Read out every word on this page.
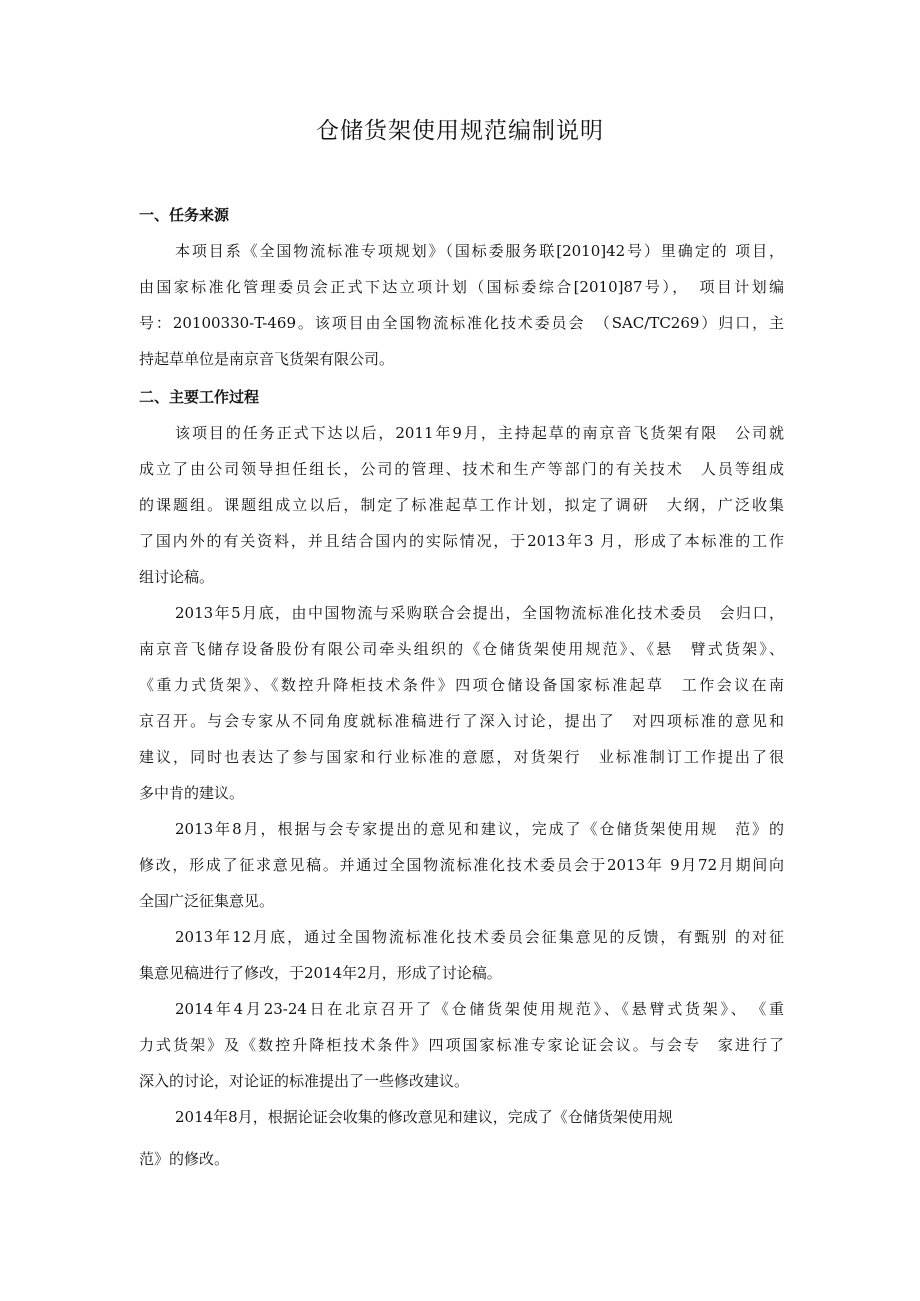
仓储货架使用规范编制说明
一、任务来源
本项目系《全国物流标准专项规划》（国标委服务联[2010]42号）里确定的 项目，
由国家标准化管理委员会正式下达立项计划（国标委综合[2010]87号），　项目计划编
号：20100330-T-469。该项目由全国物流标准化技术委员会　（SAC/TC269）归口，主
持起草单位是南京音飞货架有限公司。
二、主要工作过程
该项目的任务正式下达以后，2011年9月，主持起草的南京音飞货架有限　公司就
成立了由公司领导担任组长，公司的管理、技术和生产等部门的有关技术　人员等组成
的课题组。课题组成立以后，制定了标准起草工作计划，拟定了调研　大纲，广泛收集
了国内外的有关资料，并且结合国内的实际情况，于2013年3 月，形成了本标准的工作
组讨论稿。
2013年5月底，由中国物流与采购联合会提出，全国物流标准化技术委员　会归口，
南京音飞储存设备股份有限公司牵头组织的《仓储货架使用规范》、《悬　臂式货架》、
《重力式货架》、《数控升降柜技术条件》四项仓储设备国家标准起草　工作会议在南
京召开。与会专家从不同角度就标准稿进行了深入讨论，提出了　对四项标准的意见和
建议，同时也表达了参与国家和行业标准的意愿，对货架行　业标准制订工作提出了很
多中肯的建议。
2013年8月，根据与会专家提出的意见和建议，完成了《仓储货架使用规　范》的
修改，形成了征求意见稿。并通过全国物流标准化技术委员会于2013年 9月72月期间向
全国广泛征集意见。
2013年12月底，通过全国物流标准化技术委员会征集意见的反馈，有甄别 的对征
集意见稿进行了修改，于2014年2月，形成了讨论稿。
2014年4月23-24日在北京召开了《仓储货架使用规范》、《悬臂式货架》、　《重
力式货架》及《数控升降柜技术条件》四项国家标准专家论证会议。与会专　家进行了
深入的讨论，对论证的标准提出了一些修改建议。
2014年8月，根据论证会收集的修改意见和建议，完成了《仓储货架使用规
范》的修改。
